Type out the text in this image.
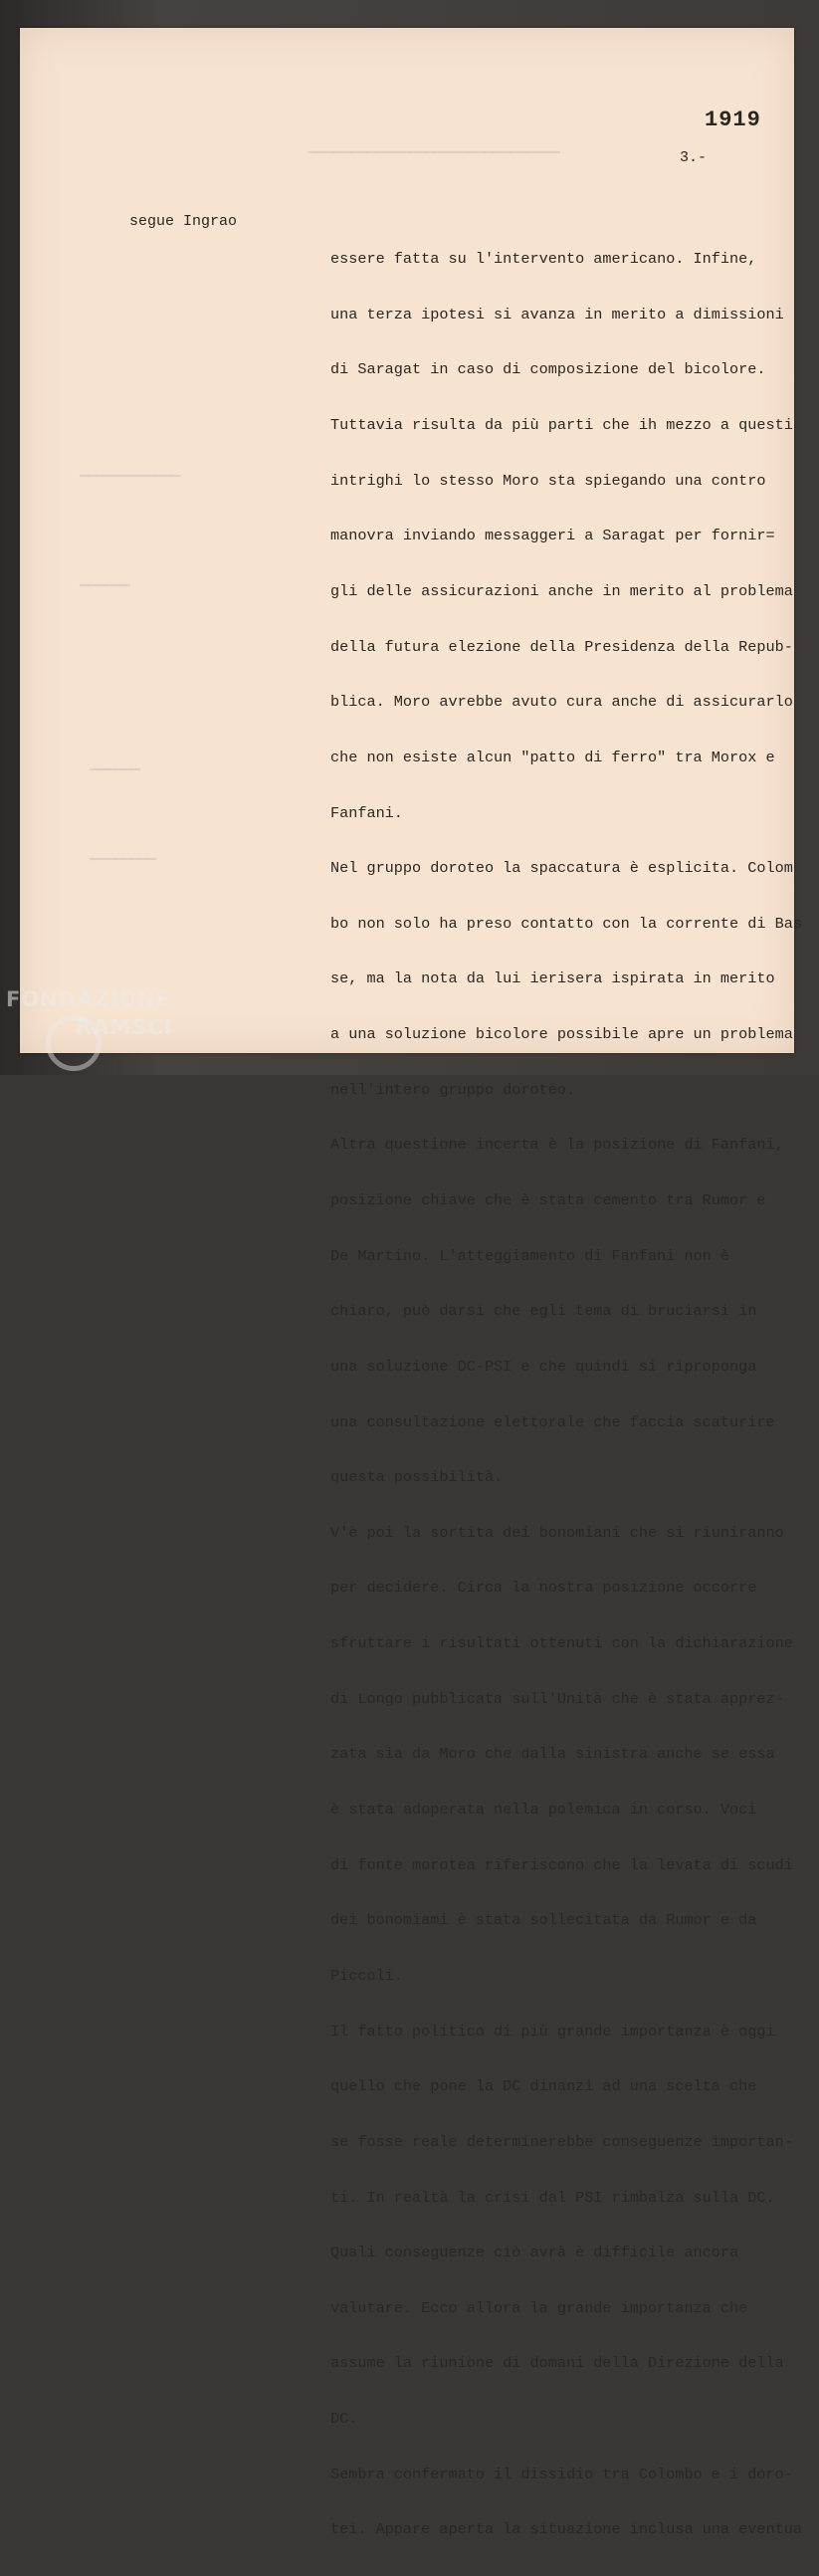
▔▔▔▔▔▔▔▔▔▔▔▔▔▔▔▔▔▔▔▔▔▔▔▔▔▔▔▔▔▔
▔▔▔▔▔▔▔▔▔▔▔▔
▔▔▔▔▔▔
▔▔▔▔▔▔
▔▔▔▔▔▔▔▔
1919
3.-
segue Ingrao

essere fatta su l'intervento americano. Infine,

una terza ipotesi si avanza in merito a dimissioni

di Saragat in caso di composizione del bicolore.

Tuttavia risulta da più parti che ih mezzo a questi

intrighi lo stesso Moro sta spiegando una contro

manovra inviando messaggeri a Saragat per fornir=

gli delle assicurazioni anche in merito al problema

della futura elezione della Presidenza della Repub-

blica. Moro avrebbe avuto cura anche di assicurarlo

che non esiste alcun "patto di ferro" tra Morox e

Fanfani.

Nel gruppo doroteo la spaccatura è esplicita. Colom

bo non solo ha preso contatto con la corrente di Bas

se, ma la nota da lui ierisera ispirata in merito

a una soluzione bicolore possibile apre un problema

nell'intero gruppo doroteo.

Altra questione incerta è la posizione di Fanfani,

posizione chiave che è stata cemento tra Rumor e

De Martino. L'atteggiamento di Fanfani non è

chiaro, può darsi che egli tema di bruciarsi in

una soluzione DC-PSI e che quindi si riproponga

una consultazione elettorale che faccia scaturire

questa possibilità.

V'è poi la sortita dei bonomiani che si riuniranno

per decidere. Circa la nostra posizione occorre

sfruttare i risultati ottenuti con la dichiarazione

di Longo pubblicata sull'Unità che è stata apprez-

zata sia da Moro che dalla sinistra anche se essa

è stata adoperata nella polemica in corso. Voci

di fonte morotea riferiscono che la levata di scudi

dei bonomiami è stata sollecitata da Rumor e da

Piccoli.

Il fatto politico di più grande importanza è oggi

quello che pone la DC dinanzi ad una scelta che

se fosse reale determinerebbe conseguenze importan-

ti. In realtà la crisi dal PSI rimbalza sulla DC.

Quali conseguenze ciò avrà è difficile ancora

valutare. Ecco allora la grande importanza che

assume la riunione di domani della Direzione della

DC.

Sembra confermato il dissidio tra Colombo e i doro-

tei. Appare aperta la situazione inclusa una eventua

FONDAZIONE
RAMSCI
